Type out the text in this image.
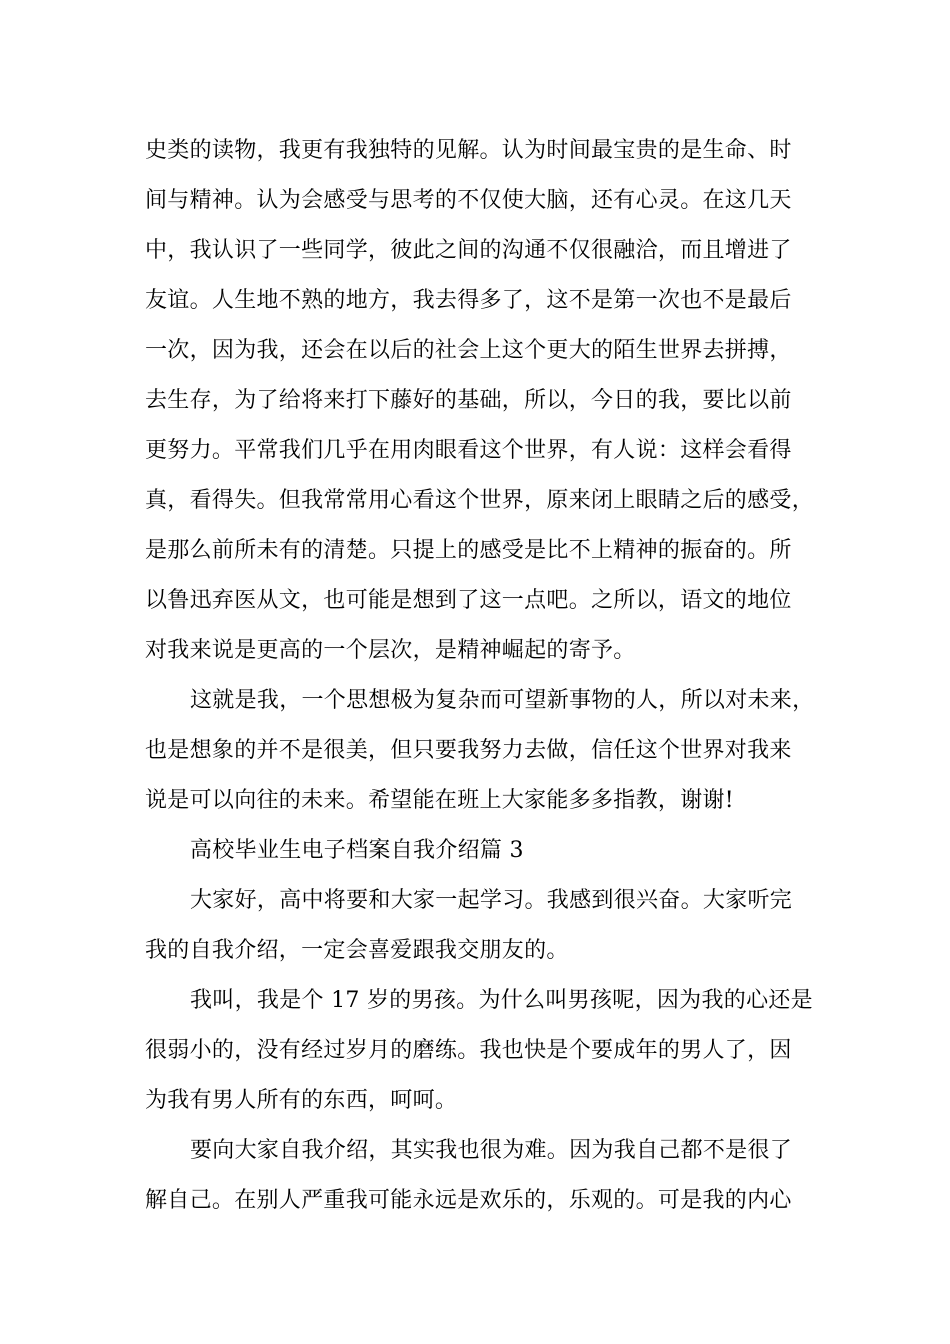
史类的读物，我更有我独特的见解。认为时间最宝贵的是生命、时

间与精神。认为会感受与思考的不仅使大脑，还有心灵。在这几天

中，我认识了一些同学，彼此之间的沟通不仅很融洽，而且增进了

友谊。人生地不熟的地方，我去得多了，这不是第一次也不是最后

一次，因为我，还会在以后的社会上这个更大的陌生世界去拼搏，

去生存，为了给将来打下藤好的基础，所以，今日的我，要比以前

更努力。平常我们几乎在用肉眼看这个世界，有人说：这样会看得

真，看得失。但我常常用心看这个世界，原来闭上眼睛之后的感受，

是那么前所未有的清楚。只提上的感受是比不上精神的振奋的。所

以鲁迅弃医从文，也可能是想到了这一点吧。之所以，语文的地位

对我来说是更高的一个层次，是精神崛起的寄予。

这就是我，一个思想极为复杂而可望新事物的人，所以对未来，

也是想象的并不是很美，但只要我努力去做，信任这个世界对我来

说是可以向往的未来。希望能在班上大家能多多指教，谢谢!

高校毕业生电子档案自我介绍篇 3

大家好，高中将要和大家一起学习。我感到很兴奋。大家听完

我的自我介绍，一定会喜爱跟我交朋友的。

我叫，我是个 17 岁的男孩。为什么叫男孩呢，因为我的心还是

很弱小的，没有经过岁月的磨练。我也快是个要成年的男人了，因

为我有男人所有的东西，呵呵。

要向大家自我介绍，其实我也很为难。因为我自己都不是很了

解自己。在别人严重我可能永远是欢乐的，乐观的。可是我的内心
